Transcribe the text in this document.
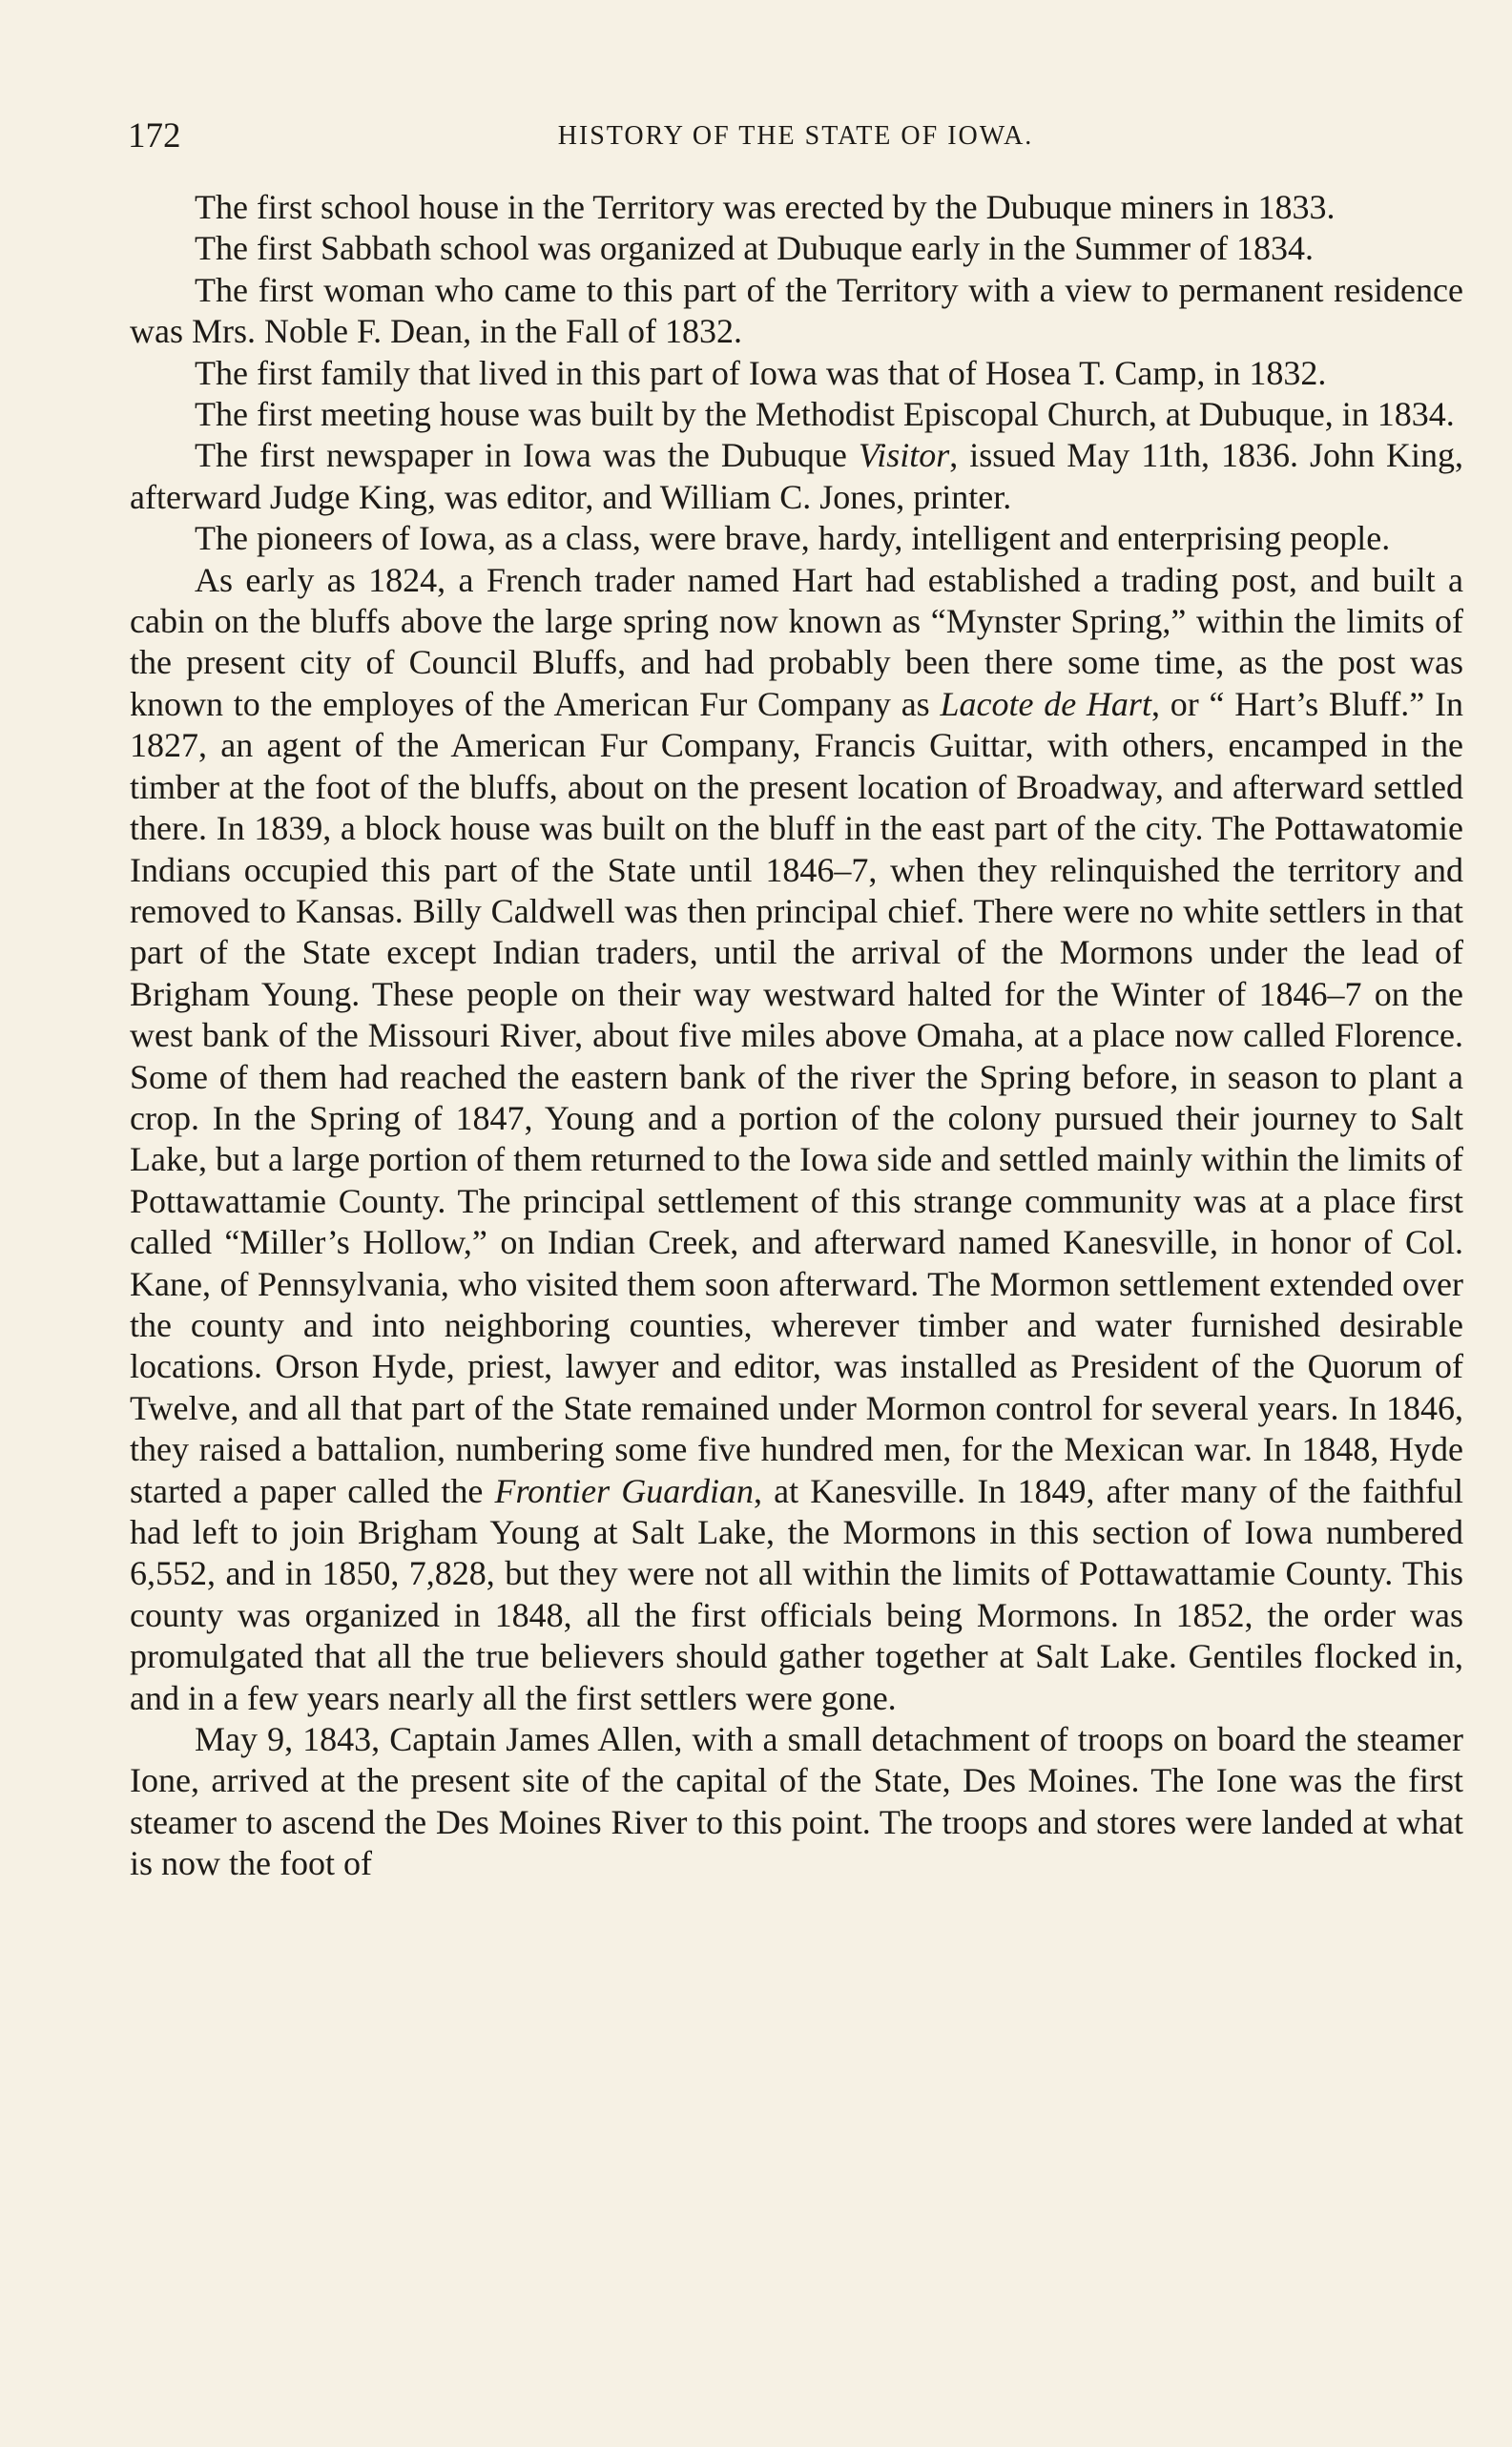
172	HISTORY OF THE STATE OF IOWA.

The first school house in the Territory was erected by the Dubuque miners in 1833.

The first Sabbath school was organized at Dubuque early in the Summer of 1834.

The first woman who came to this part of the Territory with a view to permanent residence was Mrs. Noble F. Dean, in the Fall of 1832.

The first family that lived in this part of Iowa was that of Hosea T. Camp, in 1832.

The first meeting house was built by the Methodist Episcopal Church, at Dubuque, in 1834.

The first newspaper in Iowa was the Dubuque Visitor, issued May 11th, 1836. John King, afterward Judge King, was editor, and William C. Jones, printer.

The pioneers of Iowa, as a class, were brave, hardy, intelligent and enterprising people.

As early as 1824, a French trader named Hart had established a trading post, and built a cabin on the bluffs above the large spring now known as “Mynster Spring,” within the limits of the present city of Council Bluffs, and had probably been there some time, as the post was known to the employes of the American Fur Company as Lacote de Hart, or “ Hart’s Bluff.” In 1827, an agent of the American Fur Company, Francis Guittar, with others, encamped in the timber at the foot of the bluffs, about on the present location of Broadway, and afterward settled there. In 1839, a block house was built on the bluff in the east part of the city. The Pottawatomie Indians occupied this part of the State until 1846–7, when they relinquished the territory and removed to Kansas. Billy Caldwell was then principal chief. There were no white settlers in that part of the State except Indian traders, until the arrival of the Mormons under the lead of Brigham Young. These people on their way westward halted for the Winter of 1846–7 on the west bank of the Missouri River, about five miles above Omaha, at a place now called Florence. Some of them had reached the eastern bank of the river the Spring before, in season to plant a crop. In the Spring of 1847, Young and a portion of the colony pursued their journey to Salt Lake, but a large portion of them returned to the Iowa side and settled mainly within the limits of Pottawattamie County. The principal settlement of this strange community was at a place first called “Miller’s Hollow,” on Indian Creek, and afterward named Kanesville, in honor of Col. Kane, of Pennsylvania, who visited them soon afterward. The Mormon settlement extended over the county and into neighboring counties, wherever timber and water furnished desirable locations. Orson Hyde, priest, lawyer and editor, was installed as President of the Quorum of Twelve, and all that part of the State remained under Mormon control for several years. In 1846, they raised a battalion, numbering some five hundred men, for the Mexican war. In 1848, Hyde started a paper called the Frontier Guardian, at Kanesville. In 1849, after many of the faithful had left to join Brigham Young at Salt Lake, the Mormons in this section of Iowa numbered 6,552, and in 1850, 7,828, but they were not all within the limits of Pottawattamie County. This county was organized in 1848, all the first officials being Mormons. In 1852, the order was promulgated that all the true believers should gather together at Salt Lake. Gentiles flocked in, and in a few years nearly all the first settlers were gone.

May 9, 1843, Captain James Allen, with a small detachment of troops on board the steamer Ione, arrived at the present site of the capital of the State, Des Moines. The Ione was the first steamer to ascend the Des Moines River to this point. The troops and stores were landed at what is now the foot of
